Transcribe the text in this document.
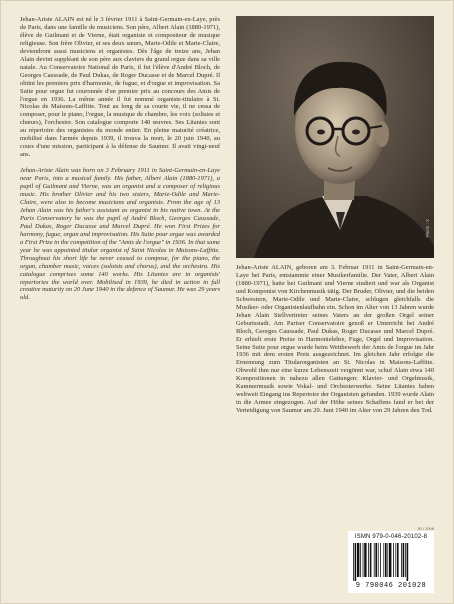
Jehan-Ariste ALAIN est né le 3 février 1911 à Saint-Germain-en-Laye, près de Paris, dans une famille de musiciens. Son père, Albert Alain (1880-1971), élève de Guilmant et de Vierne, était organiste et compositeur de musique religieuse. Son frère Olivier, et ses deux sœurs, Marie-Odile et Marie-Claire, deviendront aussi musiciens et organistes. Dès l'âge de treize ans, Jehan Alain devint suppléant de son père aux claviers du grand orgue dans sa ville natale. Au Conservatoire National de Paris, il fut l'élève d'André Bloch, de Georges Caussade, de Paul Dukas, de Roger Ducasse et de Marcel Dupré. Il obtint les premiers prix d'harmonie, de fugue, et d'orgue et improvisation. Sa Suite pour orgue fut couronnée d'un premier prix au concours des Amis de l'orgue en 1936. La même année il fut nommé organiste-titulaire à St. Nicolas de Maisons-Laffitte. Tout au long de sa courte vie, il ne cessa de composer, pour le piano, l'orgue, la musique de chambre, les voix (solistes et chœurs), l'orchestre. Son catalogue comporte 140 œuvres. Ses Litanies sont au répertoire des organistes du monde entier. En pleine maturité créatrice, mobilisé dans l'armée depuis 1939, il trouva la mort, le 20 juin 1940, au cours d'une mission, participant à la défense de Saumur. Il avait vingt-neuf ans.

Jehan-Ariste Alain was born on 3 February 1911 in Saint-Germain-en-Laye near Paris, into a musical family. His father, Albert Alain (1880-1971), a pupil of Guilmant and Vierne, was an organist and a composer of religious music. His brother Olivier and his two sisters, Marie-Odile and Marie-Claire, were also to become musicians and organists. From the age of 13 Jehan Alain was his father's assistant as organist in his native town. At the Paris Conservatory he was the pupil of André Bloch, Georges Caussade, Paul Dukas, Roger Ducasse and Marcel Dupré. He won First Prizes for harmony, fugue, organ and improvisation. His Suite pour orgue was awarded a First Prize in the competition of the "Amis de l'orgue" in 1936. In that same year he was appointed titular organist of Saint Nicolas in Maisons-Laffitte. Throughout his short life he never ceased to compose, for the piano, the organ, chamber music, voices (soloists and chorus), and the orchestra. His catalogue comprises some 140 works. His Litanies are in organists' repertories the world over. Mobilised in 1939, he died in action in full creative maturity on 20 June 1940 in the defence of Saumur. He was 29 years old.

Photo : X

Jehan-Ariste ALAIN, geboren am 3. Februar 1911 in Saint-Germain-en-Laye bei Paris, entstammte einer Musikerfamilie. Der Vater, Albert Alain (1880-1971), hatte bei Guilmant und Vierne studiert und war als Organist und Komponist von Kirchenmusik tätig. Der Bruder, Olivier, und die beiden Schwestern, Marie-Odile und Marie-Claire, schlugen gleichfalls die Musiker- oder Organistenlaufbahn ein. Schon im Alter von 13 Jahren wurde Jehan Alain Stellvertreter seines Vaters an der großen Orgel seiner Geburtsstadt. Am Pariser Conservatoire genoß er Unterricht bei André Bloch, Georges Caussade, Paul Dukas, Roger Ducasse und Marcel Dupré. Er erhielt erste Preise in Harmonielehre, Fuge, Orgel und Improvisation. Seine Suite pour orgue wurde beim Wettbewerb der Amis de l'orgue im Jahr 1936 mit dem ersten Preis ausgezeichnet. Im gleichen Jahr erfolgte die Ernennung zum Titularorganisten an St. Nicolas in Maisons-Laffitte. Obwohl ihm nur eine kurze Lebenszeit vergönnt war, schuf Alain etwa 140 Kompositionen in nahezu allen Gattungen: Klavier- und Orgelmusik, Kammermusik sowie Vokal- und Orchesterwerke. Seine Litanies haben weltweit Eingang ins Repertoire der Organisten gefunden. 1939 wurde Alain in die Armee eingezogen. Auf der Höhe seines Schaffens fand er bei der Verteidigung von Saumur am 20. Juni 1940 im Alter von 29 Jahren den Tod.

30 / 2006
ISMN 979-0-046-20102-8
9 790046 201028
